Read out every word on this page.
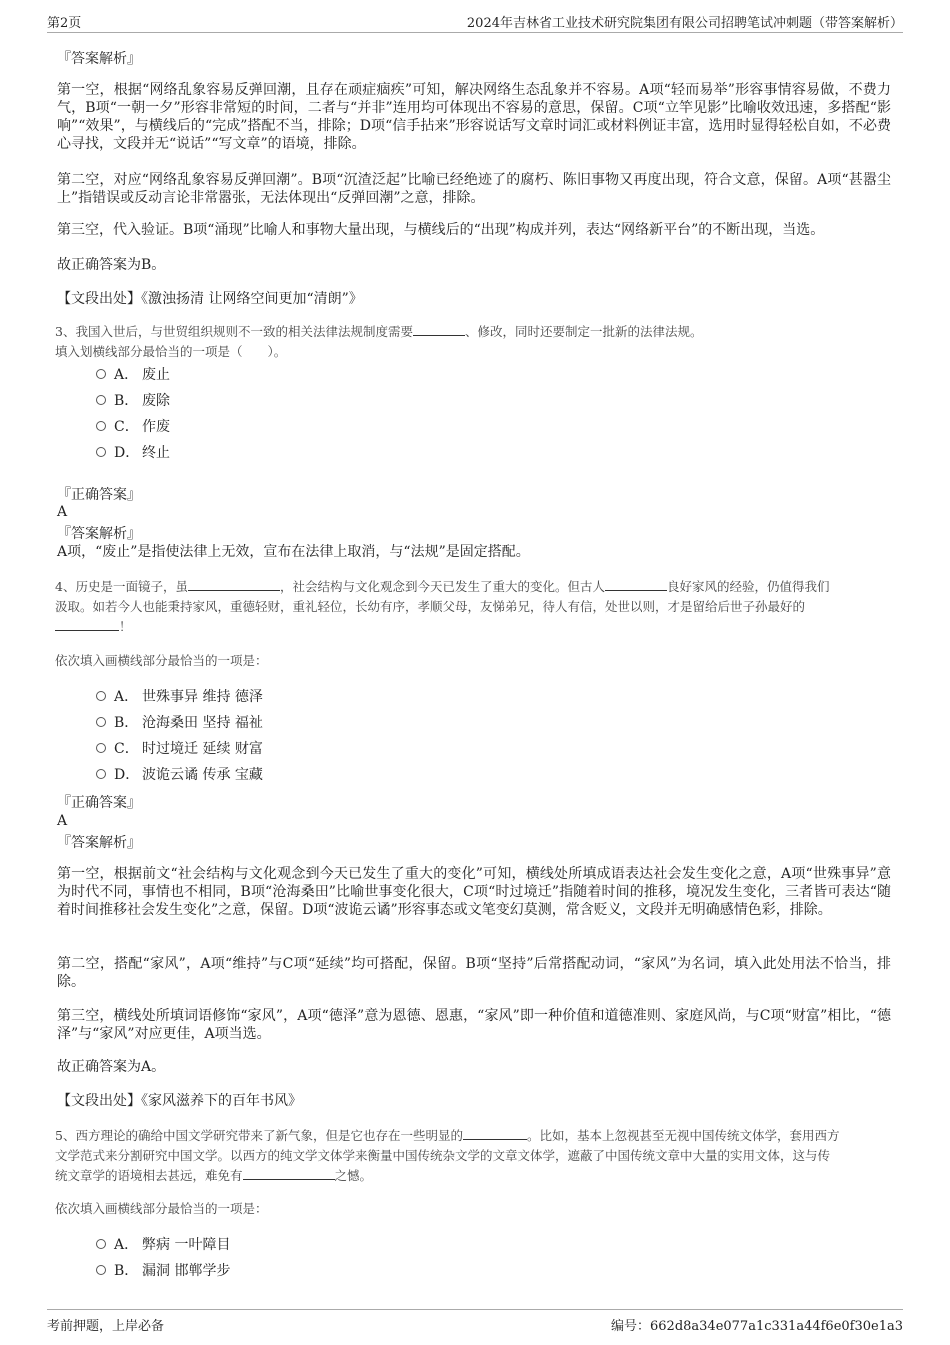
第2页	2024年吉林省工业技术研究院集团有限公司招聘笔试冲刺题（带答案解析）
『答案解析』
第一空，根据“网络乱象容易反弹回潮，且存在顽症痼疾”可知，解决网络生态乱象并不容易。A项“轻而易举”形容事情容易做，不费力气，B项“一朝一夕”形容非常短的时间，二者与“并非”连用均可体现出不容易的意思，保留。C项“立竿见影”比喻收效迅速，多搭配“影响”“效果”，与横线后的“完成”搭配不当，排除；D项“信手拈来”形容说话写文章时词汇或材料例证丰富，选用时显得轻松自如，不必费心寻找，文段并无“说话”“写文章”的语境，排除。
第二空，对应“网络乱象容易反弹回潮”。B项“沉渣泛起”比喻已经绝迹了的腐朽、陈旧事物又再度出现，符合文意，保留。A项“甚嚣尘上”指错误或反动言论非常嚣张，无法体现出“反弹回潮”之意，排除。
第三空，代入验证。B项“涌现”比喻人和事物大量出现，与横线后的“出现”构成并列，表达“网络新平台”的不断出现，当选。
故正确答案为B。
【文段出处】《激浊扬清 让网络空间更加“清朗”》
3、我国入世后，与世贸组织规则不一致的相关法律法规制度需要	、修改，同时还要制定一批新的法律法规。
填入划横线部分最恰当的一项是（　　）。
A． 废止
B． 废除
C． 作废
D． 终止
『正确答案』
A
『答案解析』
A项，“废止”是指使法律上无效，宣布在法律上取消，与“法规”是固定搭配。
4、历史是一面镜子，虽	，社会结构与文化观念到今天已发生了重大的变化。但古人	良好家风的经验，仍值得我们
汲取。如若今人也能秉持家风，重德轻财，重礼轻位，长幼有序，孝顺父母，友悌弟兄，待人有信，处世以则，才是留给后世子孙最好的
！
依次填入画横线部分最恰当的一项是：
A． 世殊事异 维持 德泽
B． 沧海桑田 坚持 福祉
C． 时过境迁 延续 财富
D． 波诡云谲 传承 宝藏
『正确答案』
A
『答案解析』
第一空，根据前文“社会结构与文化观念到今天已发生了重大的变化”可知，横线处所填成语表达社会发生变化之意，A项“世殊事异”意为时代不同，事情也不相同，B项“沧海桑田”比喻世事变化很大，C项“时过境迁”指随着时间的推移，境况发生变化，三者皆可表达“随着时间推移社会发生变化”之意，保留。D项“波诡云谲”形容事态或文笔变幻莫测，常含贬义，文段并无明确感情色彩，排除。
第二空，搭配“家风”，A项“维持”与C项“延续”均可搭配，保留。B项“坚持”后常搭配动词，“家风”为名词，填入此处用法不恰当，排除。
第三空，横线处所填词语修饰“家风”，A项“德泽”意为恩德、恩惠，“家风”即一种价值和道德准则、家庭风尚，与C项“财富”相比，“德泽”与“家风”对应更佳，A项当选。
故正确答案为A。
【文段出处】《家风滋养下的百年书风》
5、西方理论的确给中国文学研究带来了新气象，但是它也存在一些明显的	。比如，基本上忽视甚至无视中国传统文体学，套用西方
文学范式来分割研究中国文学。以西方的纯文学文体学来衡量中国传统杂文学的文章文体学，遮蔽了中国传统文章中大量的实用文体，这与传
统文章学的语境相去甚远，难免有	之憾。
依次填入画横线部分最恰当的一项是：
A． 弊病 一叶障目
B． 漏洞 邯郸学步
考前押题，上岸必备	编号：662d8a34e077a1c331a44f6e0f30e1a3
